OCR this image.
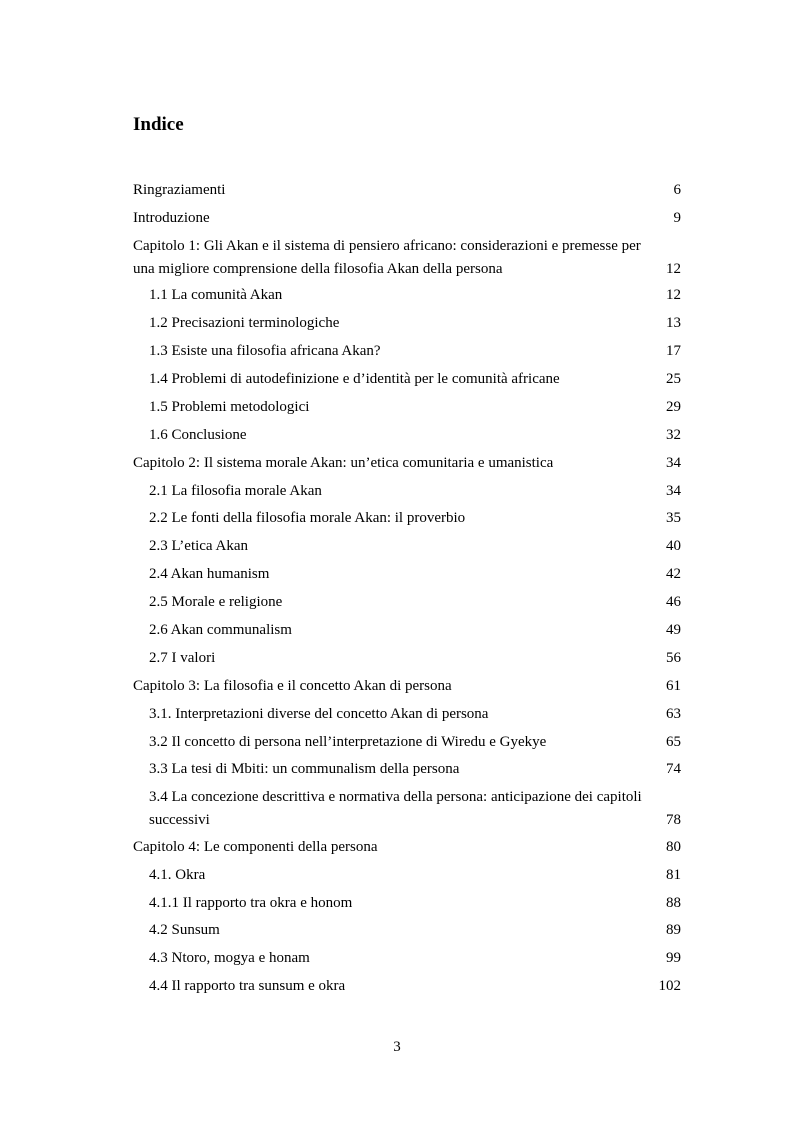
Indice
Ringraziamenti	6
Introduzione	9
Capitolo 1: Gli Akan e il sistema di pensiero africano: considerazioni e premesse per una migliore comprensione della filosofia Akan della persona	12
1.1 La comunità Akan	12
1.2 Precisazioni terminologiche	13
1.3 Esiste una filosofia africana Akan?	17
1.4 Problemi di autodefinizione e d’identità per le comunità africane	25
1.5 Problemi metodologici	29
1.6 Conclusione	32
Capitolo 2: Il sistema morale Akan: un’etica comunitaria e umanistica	34
2.1 La filosofia morale Akan	34
2.2 Le fonti della filosofia morale Akan: il proverbio	35
2.3 L’etica Akan	40
2.4 Akan humanism	42
2.5 Morale e religione	46
2.6 Akan communalism	49
2.7 I valori	56
Capitolo 3: La filosofia e il concetto Akan di persona	61
3.1. Interpretazioni diverse del concetto Akan di persona	63
3.2 Il concetto di persona nell’interpretazione di Wiredu e Gyekye	65
3.3 La tesi di Mbiti: un communalism della persona	74
3.4 La concezione descrittiva e normativa della persona: anticipazione dei capitoli successivi	78
Capitolo 4: Le componenti della persona	80
4.1. Okra	81
4.1.1 Il rapporto tra okra e honom	88
4.2 Sunsum	89
4.3 Ntoro, mogya e honam	99
4.4 Il rapporto tra sunsum e okra	102
3
